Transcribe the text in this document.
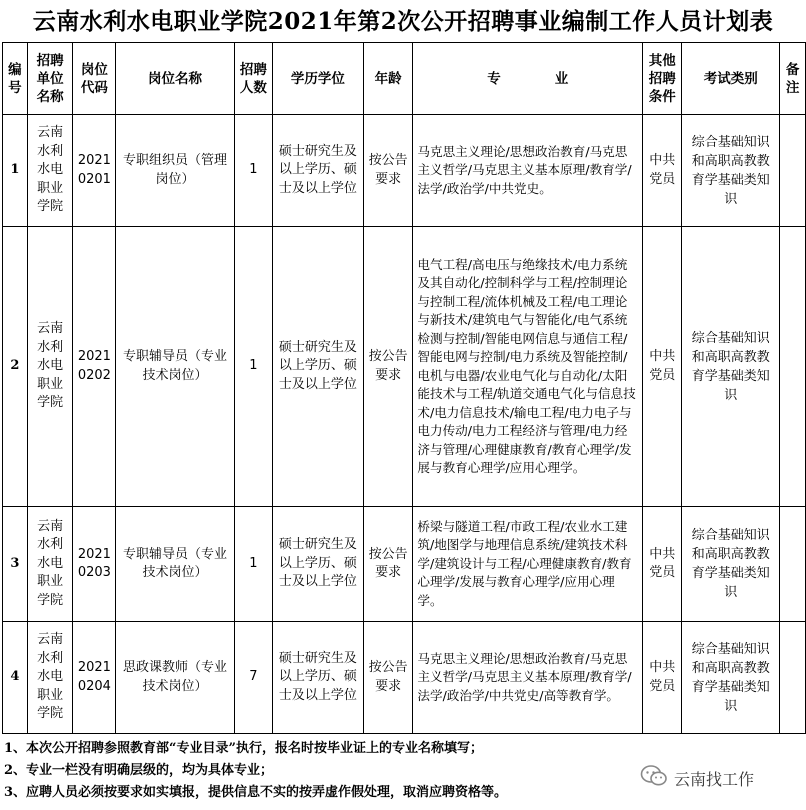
云南水利水电职业学院2021年第2次公开招聘事业编制工作人员计划表
编号	招聘单位名称	岗位代码	岗位名称	招聘人数	学历学位	年龄	专　　　　业	其他招聘条件	考试类别	备注
1	云南水利水电职业学院	20210201	专职组织员（管理岗位）	1	硕士研究生及以上学历、硕士及以上学位	按公告要求	马克思主义理论/思想政治教育/马克思主义哲学/马克思主义基本原理/教育学/法学/政治学/中共党史。	中共党员	综合基础知识和高职高教教育学基础类知识	
2	云南水利水电职业学院	20210202	专职辅导员（专业技术岗位）	1	硕士研究生及以上学历、硕士及以上学位	按公告要求	电气工程/高电压与绝缘技术/电力系统及其自动化/控制科学与工程/控制理论与控制工程/流体机械及工程/电工理论与新技术/建筑电气与智能化/电气系统检测与控制/智能电网信息与通信工程/智能电网与控制/电力系统及智能控制/电机与电器/农业电气化与自动化/太阳能技术与工程/轨道交通电气化与信息技术/电力信息技术/输电工程/电力电子与电力传动/电力工程经济与管理/电力经济与管理/心理健康教育/教育心理学/发展与教育心理学/应用心理学。	中共党员	综合基础知识和高职高教教育学基础类知识	
3	云南水利水电职业学院	20210203	专职辅导员（专业技术岗位）	1	硕士研究生及以上学历、硕士及以上学位	按公告要求	桥梁与隧道工程/市政工程/农业水工建筑/地图学与地理信息系统/建筑技术科学/建筑设计与工程/心理健康教育/教育心理学/发展与教育心理学/应用心理学。	中共党员	综合基础知识和高职高教教育学基础类知识	
4	云南水利水电职业学院	20210204	思政课教师（专业技术岗位）	7	硕士研究生及以上学历、硕士及以上学位	按公告要求	马克思主义理论/思想政治教育/马克思主义哲学/马克思主义基本原理/教育学/法学/政治学/中共党史/高等教育学。	中共党员	综合基础知识和高职高教教育学基础类知识	
1、本次公开招聘参照教育部“专业目录”执行，报名时按毕业证上的专业名称填写；
2、专业一栏没有明确层级的，均为具体专业；
3、应聘人员必须按要求如实填报，提供信息不实的按弄虚作假处理，取消应聘资格等。
云南找工作
